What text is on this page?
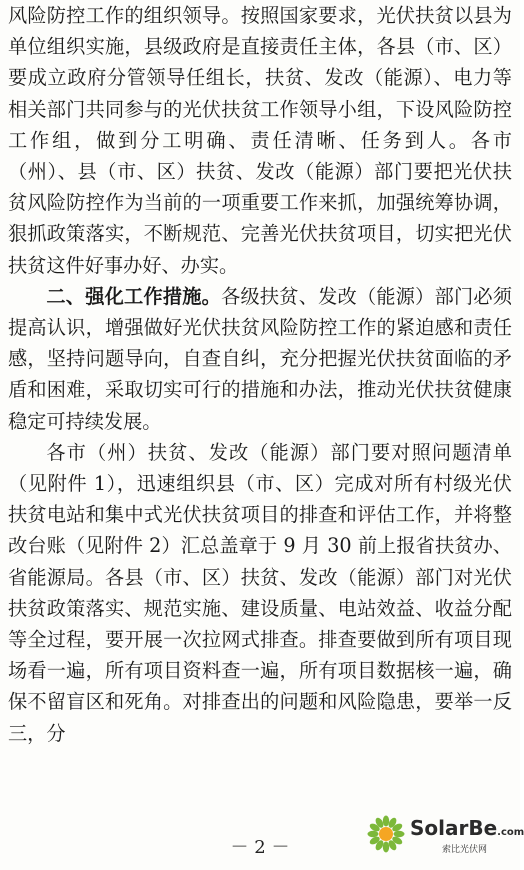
风险防控工作的组织领导。按照国家要求，光伏扶贫以县为单位组织实施，县级政府是直接责任主体，各县（市、区）要成立政府分管领导任组长，扶贫、发改（能源）、电力等相关部门共同参与的光伏扶贫工作领导小组，下设风险防控工作组，做到分工明确、责任清晰、任务到人。各市（州）、县（市、区）扶贫、发改（能源）部门要把光伏扶贫风险防控作为当前的一项重要工作来抓，加强统筹协调，狠抓政策落实，不断规范、完善光伏扶贫项目，切实把光伏扶贫这件好事办好、办实。

二、强化工作措施。各级扶贫、发改（能源）部门必须提高认识，增强做好光伏扶贫风险防控工作的紧迫感和责任感，坚持问题导向，自查自纠，充分把握光伏扶贫面临的矛盾和困难，采取切实可行的措施和办法，推动光伏扶贫健康稳定可持续发展。

各市（州）扶贫、发改（能源）部门要对照问题清单（见附件 1），迅速组织县（市、区）完成对所有村级光伏扶贫电站和集中式光伏扶贫项目的排查和评估工作，并将整改台账（见附件 2）汇总盖章于 9 月 30 前上报省扶贫办、省能源局。各县（市、区）扶贫、发改（能源）部门对光伏扶贫政策落实、规范实施、建设质量、电站效益、收益分配等全过程，要开展一次拉网式排查。排查要做到所有项目现场看一遍，所有项目资料查一遍，所有项目数据核一遍，确保不留盲区和死角。对排查出的问题和风险隐患，要举一反三，分

－ 2 －
SolarBe.com
索比光伏网
